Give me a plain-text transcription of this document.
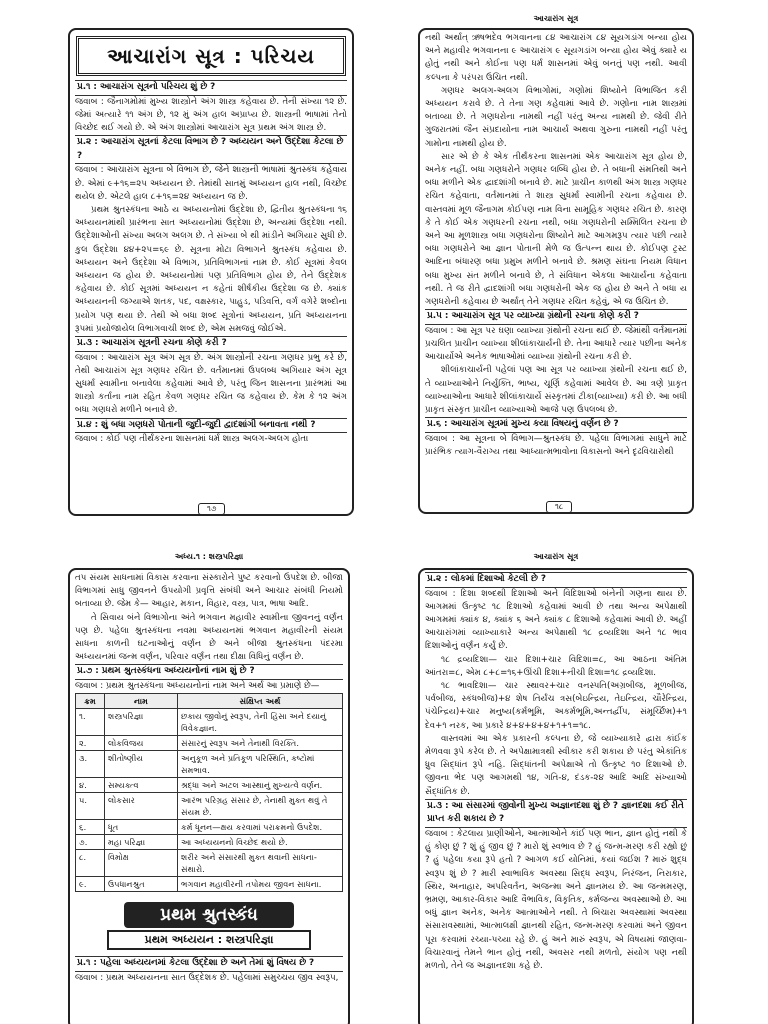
આચારાંગ સૂત્ર : પરિચય

પ્ર.૧ : આચારાંગ સૂત્રનો પરિચય શું છે ?

જવાબ : જૈનાગમોમાં મુખ્ય શાસ્ત્રોને અંગ શાસ્ત્ર કહેવાય છે. તેની સંખ્યા ૧૨ છે. જેમાં અત્યારે ૧૧ અંગ છે, ૧૨ મું અંગ હાલ અપ્રાપ્ય છે. શાસ્ત્રની ભાષામાં તેનો વિચ્છેદ થઈ ગયો છે. એ અંગ શાસ્ત્રોમાં આચારાંગ સૂત્ર પ્રથમ અંગ શાસ્ત્ર છે.

પ્ર.૨ : આચારાંગ સૂત્રનાં કેટલા વિભાગ છે ? અધ્યયન અને ઉદ્દેશા કેટલા છે ?

જવાબ : આચારાંગ સૂત્રના બે વિભાગ છે, જેને શાસ્ત્રની ભાષામાં શ્રુતસ્કંધ કહેવાય છે. એમાં ૯+૧૬=૨૫ અધ્યયન છે. તેમાંથી સાતમું અધ્યયન હાલ નથી, વિચ્છેદ થયેલ છે. એટલે હાલ ૮+૧૬=૨૪ અધ્યયન જ છે.

પ્રથમ શ્રુતસ્કંધના આઠે ય અધ્યયનોમાં ઉદ્દેશા છે, દ્વિતીય શ્રુતસ્કંધના ૧૬ અધ્યયનમાંથી પ્રારંભના સાત અધ્યયનોમાં ઉદ્દેશા છે, અન્યમાં ઉદ્દેશા નથી. ઉદ્દેશાઓની સંખ્યા અલગ અલગ છે. તે સંખ્યા બે થી માંડીને અગિયાર સુધી છે. કુલ ઉદ્દેશા ૪૪+૨૫=૬૯ છે. સૂત્રના મોટા વિભાગને શ્રુતસ્કંધ કહેવાય છે. અધ્યયન અને ઉદ્દેશા એ વિભાગ, પ્રતિવિભાગનાં નામ છે. કોઈ સૂત્રમાં કેવલ અધ્યયન જ હોય છે. અધ્યયનોમાં પણ પ્રતિવિભાગ હોય છે, તેને ઉદ્દેશક કહેવાય છે. કોઈ સૂત્રમાં અધ્યયન ન કહેતાં શીર્ષકીય ઉદ્દેશા જ છે. ક્યાંક અધ્યયનની જગ્યાએ શતક, પદ, વક્ષસ્કાર, પાહુડ, પડિવત્તિ, વર્ગ વગેરે શબ્દોના પ્રયોગ પણ થયા છે. તેથી એ બધા શબ્દ સૂત્રોનાં અધ્યયન, પ્રતિ અધ્યયનના રૂપમાં પ્રયોજાયેલ વિભાગવાચી શબ્દ છે, એમ સમજવું જોઈએ.

પ્ર.૩ : આચારાંગ સૂત્રની રચના કોણે કરી ?

જવાબ : આચારાંગ સૂત્ર અંગ સૂત્ર છે. અંગ શાસ્ત્રોની રચના ગણધર પ્રભુ કરે છે, તેથી આચારાંગ સૂત્ર ગણધર રચિત છે. વર્તમાનમાં ઉપલબ્ધ અગિયાર અંગ સૂત્ર સુધર્મા સ્વામીના બનાવેલા કહેવામાં આવે છે, પરંતુ જિન શાસનના પ્રારંભમાં આ શાસ્ત્રો કર્તાના નામ રહિત કેવળ ગણધર રચિત જ કહેવાય છે. કેમ કે ૧૨ અંગ બધા ગણધરો મળીને બનાવે છે.

પ્ર.૪ : શું બધા ગણધરો પોતાની જુદી-જુદી દ્વાદશાંગી બનાવતા નથી ?

જવાબ : કોઈ પણ તીર્થંકરના શાસનમાં ધર્મ શાસ્ત્ર અલગ-અલગ હોતા

૧૭
આચારાંગ સૂત્ર

નથી અર્થાત્ ઋષભદેવ ભગવાનના ૮૪ આચારાંગ ૮૪ સૂયગડાંગ બન્યા હોય અને મહાવીર ભગવાનના ૯ આચારાંગ ૯ સૂયગડાંગ બન્યા હોય એવું ક્યારે ય હોતું નથી અને કોઈના પણ ધર્મ શાસનમાં એવું બનતું પણ નથી. આવી કલ્પના કે પરંપરા ઉચિત નથી.

ગણધર અલગ-અલગ વિભાગોમાં, ગણોમાં શિષ્યોને વિભાજિત કરી અધ્યયન કરાવે છે. તે તેના ગણ કહેવામાં આવે છે. ગણોના નામ શાસ્ત્રમાં બતાવ્યા છે. તે ગણધરોના નામથી નહીં પરંતુ અન્ય નામથી છે. જેવી રીતે ગુજરાતમાં જૈન સંપ્રદાયોના નામ આચાર્ય અથવા ગુરુના નામથી નહીં પરંતુ ગામોના નામથી હોય છે.

સાર એ છે કે એક તીર્થંકરના શાસનમાં એક આચારાંગ સૂત્ર હોય છે, અનેક નહીં. બધા ગણધરોને ગણધર લબ્ધિ હોય છે. તે બધાની સંમતિથી અને બધા મળીને એક દ્વાદશાંગી બનાવે છે. માટે પ્રાચીન કાળથી અંગ શાસ્ત્ર ગણધર રચિત કહેવાતા, વર્તમાનમાં તે શાસ્ત્ર સુધર્મા સ્વામીની રચના કહેવાય છે. વાસ્તવમાં મૂળ જૈનાગમ કોઈપણ નામ વિના સામૂહિક ગણધર રચિત છે. કારણ કે તે કોઈ એક ગણધરની રચના નથી, બધા ગણધરોની સમ્મિલિત રચના છે અને આ મૂળશાસ્ત્ર બધા ગણધરોના શિષ્યોને માટે આગમરૂપ ત્યાર પછી ત્યારે બધા ગણધરોને આ જ્ઞાન પોતાની મેળે જ ઉત્પન્ન થાય છે. કોઈપણ ટ્રસ્ટ આદિના બંધારણ બધા પ્રમુખ મળીને બનાવે છે. શ્રમણ સંઘના નિયમ વિધાન બધા મુખ્ય સંત મળીને બનાવે છે, તે સંવિધાન એકલા આચાર્યના કહેવાતા નથી. તે જ રીતે દ્વાદશાંગી બધા ગણધરોની એક જ હોય છે અને તે બધા ય ગણધરોની કહેવાય છે અર્થાત્ તેને ગણધર રચિત કહેવું, એ જ ઉચિત છે.

પ્ર.૫ : આચારાંગ સૂત્ર પર વ્યાખ્યા ગ્રંથોની રચના કોણે કરી ?

જવાબ : આ સૂત્ર પર ઘણા વ્યાખ્યા ગ્રંથોની રચના થઈ છે. જેમાંથી વર્તમાનમાં પ્રચલિત પ્રાચીન વ્યાખ્યા શીલાંકાચાર્યની છે. તેના આધારે ત્યાર પછીના અનેક આચાર્યોએ અનેક ભાષાઓમાં વ્યાખ્યા ગ્રંથોની રચના કરી છે.

શીલાંકાચાર્યની પહેલાં પણ આ સૂત્ર પર વ્યાખ્યા ગ્રંથોની રચના થઈ છે, તે વ્યાખ્યાઓને નિર્યુક્તિ, ભાષ્ય, ચૂર્ણિ કહેવામાં આવેલ છે. આ ત્રણે પ્રાકૃત વ્યાખ્યાઓના આધારે શીલાંકાચાર્યે સંસ્કૃતમાં ટીકા(વ્યાખ્યા) કરી છે. આ બધી પ્રાકૃત સંસ્કૃત પ્રાચીન વ્યાખ્યાઓ આજે પણ ઉપલબ્ધ છે.

પ્ર.૬ : આચારાંગ સૂત્રમાં મુખ્ય કયા વિષયનું વર્ણન છે ?

જવાબ : આ સૂત્રના બે વિભાગ—શ્રુતસ્કંધ છે. પહેલા વિભાગમાં સાધુને માટે પ્રારંભિક ત્યાગ-વૈરાગ્ય તથા આધ્યાત્મભાવોના વિકાસનો અને દૃઢવિચારોથી

૧૮
અધ્ય.૧ : શસ્ત્રપરિજ્ઞા

તપ સંયમ સાધનામાં વિકાસ કરવાના સંસ્કારોને પુષ્ટ કરવાનો ઉપદેશ છે. બીજા વિભાગમાં સાધુ જીવનને ઉપયોગી પ્રવૃત્તિ સંબંધી અને આચાર સંબંધી નિયમો બતાવ્યા છે. જેમ કે— આહાર, મકાન, વિહાર, વસ્ત્ર, પાત્ર, ભાષા આદિ.

તે સિવાય બંને વિભાગોના અંતે ભગવાન મહાવીર સ્વામીના જીવનનું વર્ણન પણ છે. પહેલા શ્રુતસ્કંધના નવમા અધ્યયનમાં ભગવાન મહાવીરની સંયમ સાધના કાળની ઘટનાઓનું વર્ણન છે અને બીજા શ્રુતસ્કંધના પંદરમા અધ્યયનમાં જન્મ વર્ણન, પરિવાર વર્ણન તથા દીક્ષા વિધિનું વર્ણન છે.

પ્ર.૭ : પ્રથમ શ્રુતસ્કંધના અધ્યયનોનાં નામ શું છે ?

જવાબ : પ્રથમ શ્રુતસ્કંધના અધ્યયનોનાં નામ અને અર્થ આ પ્રમાણે છે—

ક્રમ	નામ	સંક્ષિપ્ત અર્થ
૧.	શસ્ત્રપરિજ્ઞા	છકાય જીવોનું સ્વરૂપ, તેની હિંસા અને દયાનું વિવેકજ્ઞાન.
૨.	લોકવિજય	સંસારનું સ્વરૂપ અને તેનાથી વિરક્તિ.
૩.	શીતોષ્ણીય	અનુકૂળ અને પ્રતિકૂળ પરિસ્થિતિ, કષ્ટોમાં સમભાવ.
૪.	સમ્યક્ત્વ	શ્રદ્ધા અને અટલ આસ્થાનું મુખ્યત્વે વર્ણન.
૫.	લોકસાર	આરંભ પરિગ્રહ સંસાર છે, તેનાથી મુક્ત થવું તે સંયમ છે.
૬.	ધૂત	કર્મ ધૂનન—ક્ષય કરવામાં પરાક્રમનો ઉપદેશ.
૭.	મહા પરિજ્ઞા	આ અધ્યયનનો વિચ્છેદ થયો છે.
૮.	વિમોક્ષ	શરીર અને સંસારથી મુક્ત થવાની સાધના-સંથારો.
૯.	ઉપધાનશ્રુત	ભગવાન મહાવીરની તપોમય જીવન સાધના.
પ્રથમ શ્રુતસ્કંધ
પ્રથમ અધ્યયન : શસ્ત્રપરિજ્ઞા

પ્ર.૧ : પહેલા અધ્યયનમાં કેટલા ઉદ્દેશા છે અને તેમાં શું વિષય છે ?

જવાબ : પ્રથમ અધ્યયનના સાત ઉદ્દેશક છે. પહેલામાં સમુચ્ચય જીવ સ્વરૂપ,

આચારાંગ સૂત્ર

પ્ર.૨ : લોકમાં દિશાઓ કેટલી છે ?

જવાબ : દિશા શબ્દથી દિશાઓ અને વિદિશાઓ બંનેની ગણના થાય છે. આગમમાં ઉત્કૃષ્ટ ૧૮ દિશાઓ કહેવામાં આવી છે તથા અન્ય અપેક્ષાથી આગમમાં ક્યાંક ૪, ક્યાંક ૬ અને ક્યાંક ૮ દિશાઓ કહેવામાં આવી છે. અહીં આચારાંગમાં વ્યાખ્યાકારે અન્ય અપેક્ષાથી ૧૮ દ્રવ્યદિશા અને ૧૮ ભાવ દિશાઓનું વર્ણન કર્યું છે.

૧૮ દ્રવ્યદિશા— ચાર દિશા+ચાર વિદિશા=૮, આ આઠના અંતિમ આંતરા=૮, એમ ૮+૮=૧૬+ઊંચી દિશા+નીચી દિશા=૧૮ દ્રવ્યદિશા.

૧૮ ભાવદિશા— ચાર સ્થાવર+ચાર વનસ્પતિ(અગ્રબીજ, મૂળબીજ, પર્વબીજ, સ્કંધબીજ)+૪ શેષ તિર્યંચ ત્રસ(બેઇન્દ્રિય, તેઇન્દ્રિય, ચૌરેન્દ્રિય, પંચેન્દ્રિય)+ચાર મનુષ્ય(કર્મભૂમિ, અકર્મભૂમિ,અન્તર્દ્વીપ, સંમૂર્ચ્છિમ)+૧ દેવ+૧ નરક, આ પ્રકારે ૪+૪+૪+૪+૧+૧=૧૮.

વાસ્તવમાં આ એક પ્રકારની કલ્પના છે, જે વ્યાખ્યાકારે દ્વારા કાંઈક મેળવવા રૂપે કરેલ છે. તે અપેક્ષામાત્રથી સ્વીકાર કરી શકાય છે પરંતુ એકાંતિક ધ્રુવ સિદ્ધાંત રૂપે નહિ. સિદ્ધાંતની અપેક્ષાએ તો ઉત્કૃષ્ટ ૧૦ દિશાઓ છે. જીવના ભેદ પણ આગમથી ૧૪, ગતિ-૪, દંડક-૨૪ આદિ આદિ સંખ્યાઓ સૈદ્ધાંતિક છે.

પ્ર.૩ : આ સંસારમાં જીવોની મુખ્ય અજ્ઞાનદશા શું છે ? જ્ઞાનદશા કઈ રીતે પ્રાપ્ત કરી શકાય છે ?

જવાબ : કેટલાય પ્રાણીઓને, આત્માઓને કાંઈ પણ ભાન, જ્ઞાન હોતું નથી કે હું કોણ છું ? શું હું જીવ છું ? મારો શું સ્વભાવ છે ? હું જન્મ-મરણ કરી રહ્યો છું ? હું પહેલા કયા રૂપે હતો ? આગળ કઈ યોનિમાં, કયાં જઈશ ? મારું શુદ્ધ સ્વરૂપ શું છે ? મારી સ્વાભાવિક અવસ્થા સિદ્ધ સ્વરૂપ, નિરંજન, નિરાકાર, સ્થિર, અનાહાર, અપરિવર્તન, અજન્મા અને જ્ઞાનમય છે. આ જન્મમરણ, ભ્રમણ, આકાર-વિકાર આદિ વૈભાવિક, વિકૃતિક, કર્મજન્ય અવસ્થાઓ છે. આ બધું જ્ઞાન અનેક, અનેક આત્માઓને નથી. તે બિચારા અવસ્થામાં અવસ્થા સંસારાવસ્થામાં, આત્માલક્ષી જ્ઞાનથી રહિત, જન્મ-મરણ કરવામાં અને જીવન પૂરા કરવામાં રચ્યા-પચ્યા રહે છે. હું અને મારું સ્વરૂપ, એ વિષયમાં જાણવા-વિચારવાનું તેમને ભાન હોતું નથી, અવસર નથી મળતો, સંયોગ પણ નથી મળતો, તેને જ અજ્ઞાનદશા કહે છે.
